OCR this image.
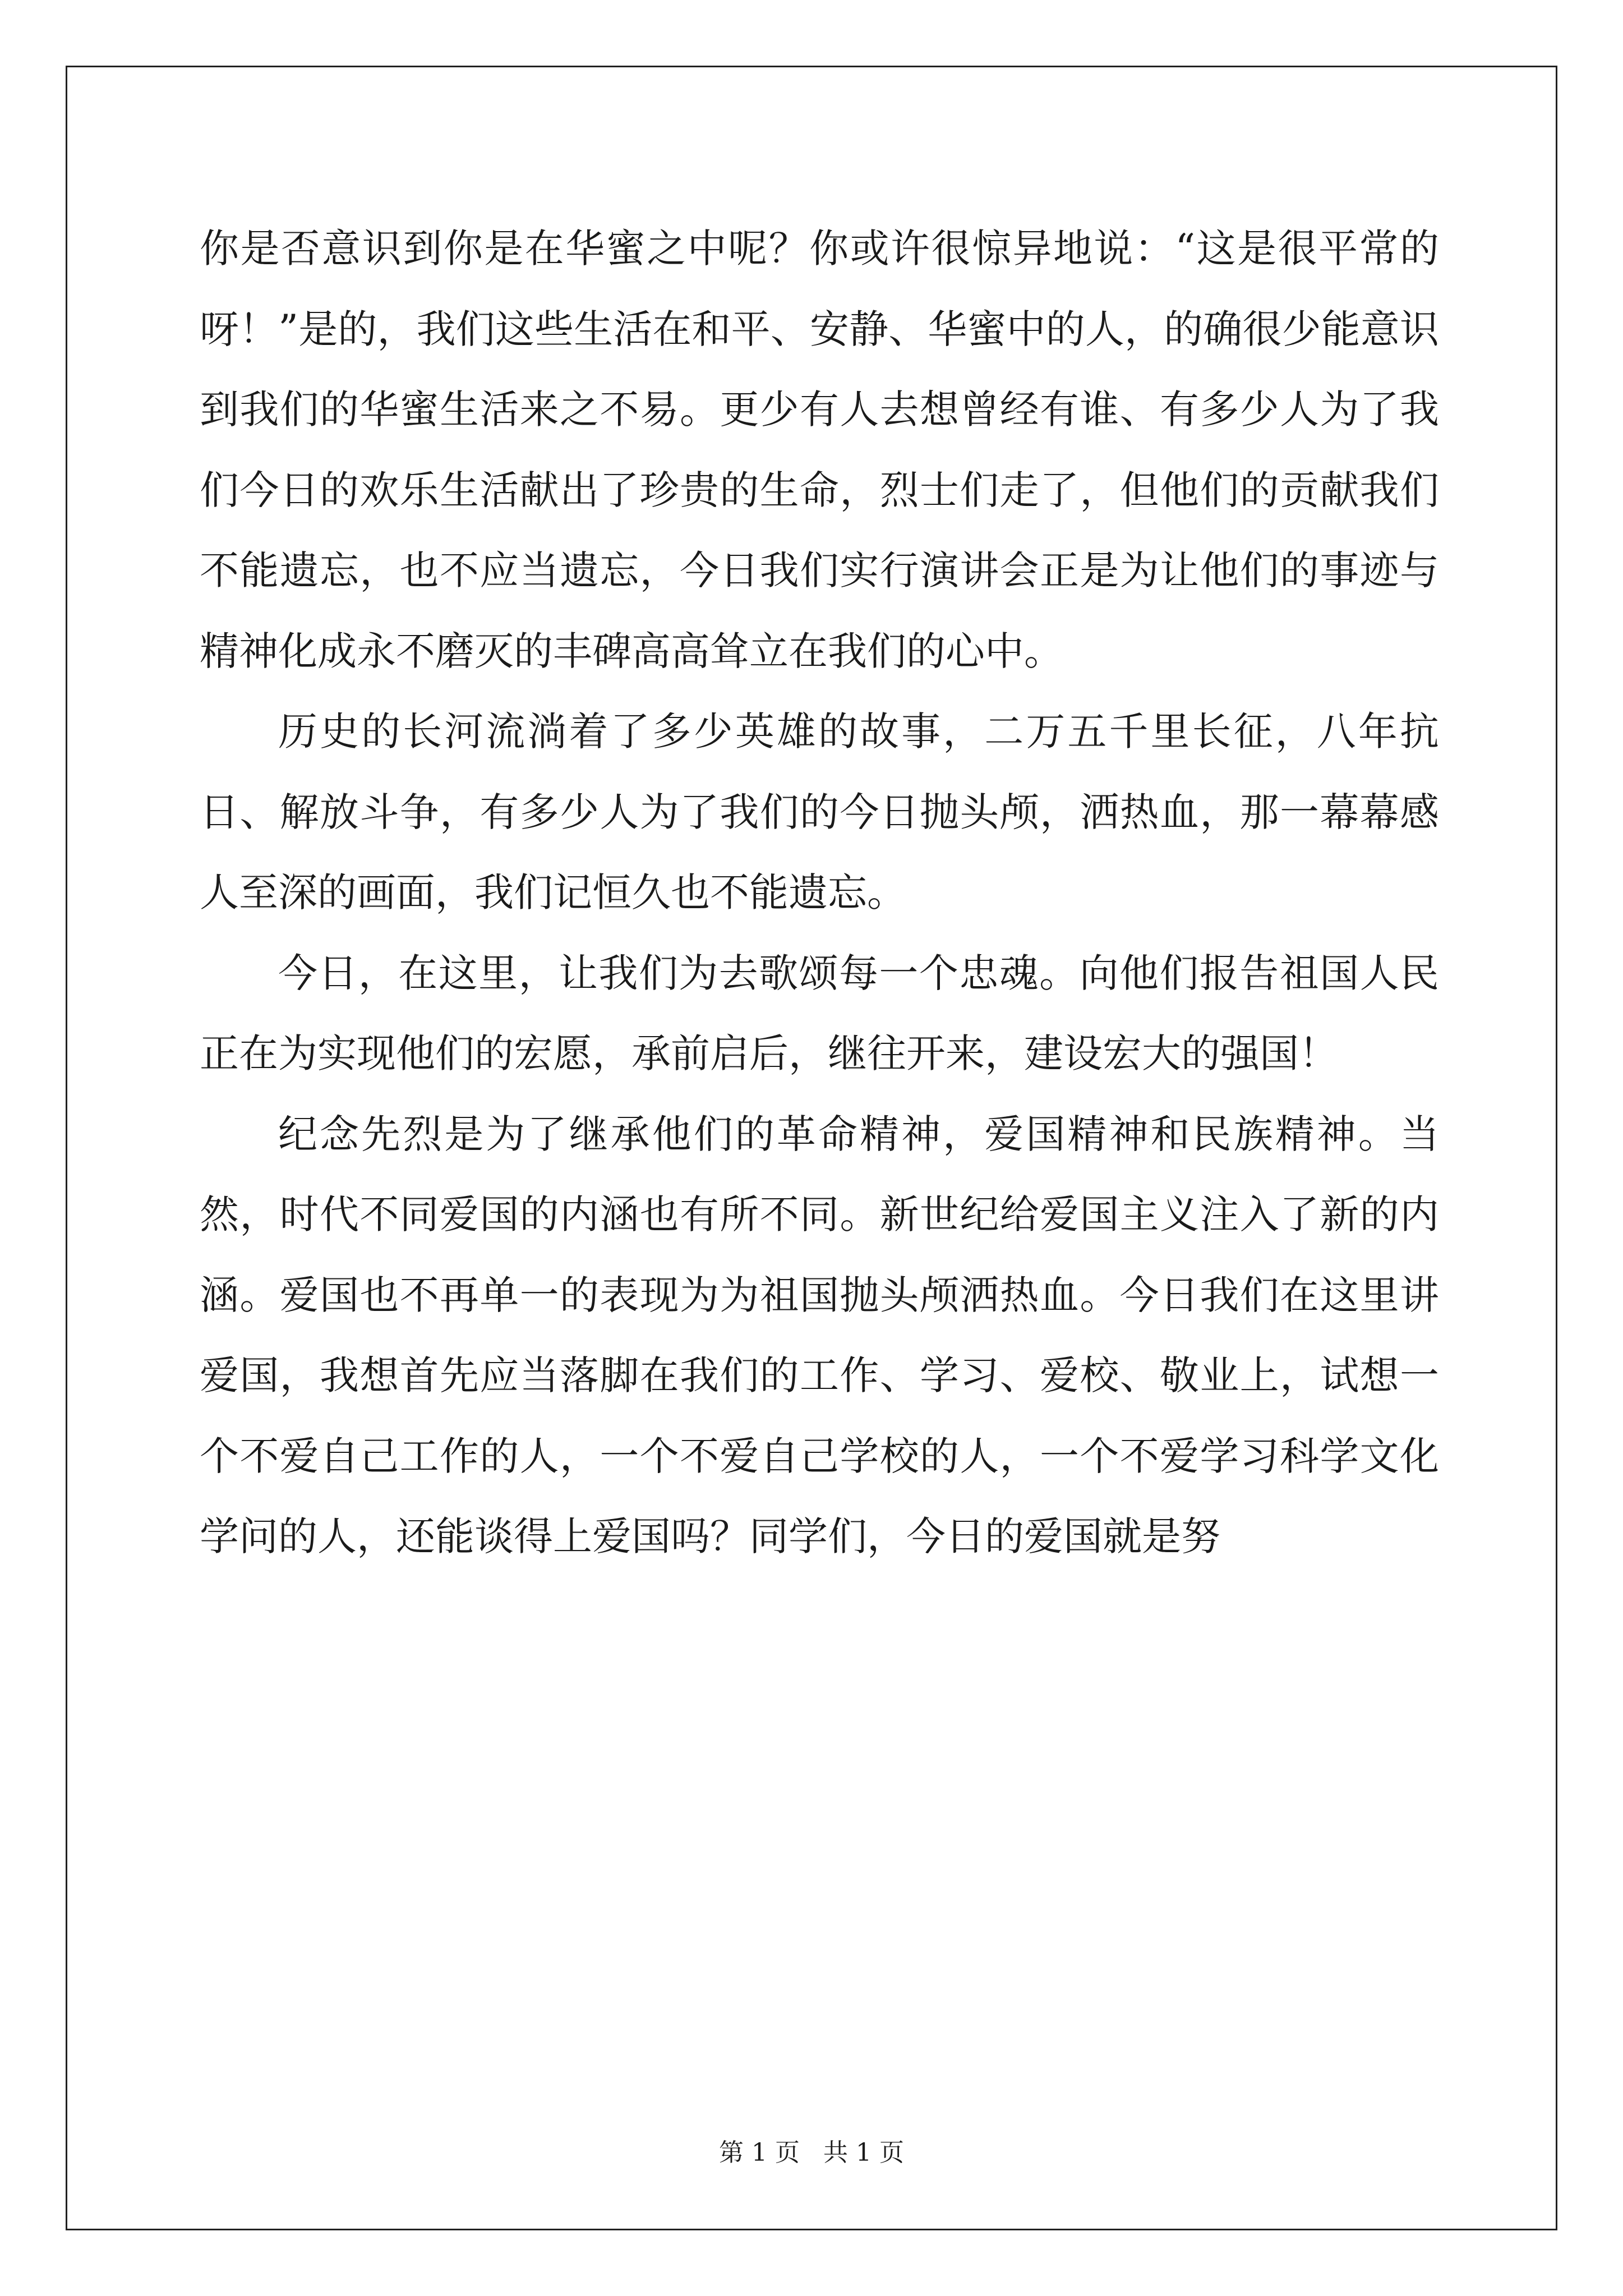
你是否意识到你是在华蜜之中呢？你或许很惊异地说：“这是很平常的呀！”是的，我们这些生活在和平、安静、华蜜中的人，的确很少能意识到我们的华蜜生活来之不易。更少有人去想曾经有谁、有多少人为了我们今日的欢乐生活献出了珍贵的生命，烈士们走了，但他们的贡献我们不能遗忘，也不应当遗忘，今日我们实行演讲会正是为让他们的事迹与精神化成永不磨灭的丰碑高高耸立在我们的心中。

历史的长河流淌着了多少英雄的故事，二万五千里长征，八年抗日、解放斗争，有多少人为了我们的今日抛头颅，洒热血，那一幕幕感人至深的画面，我们记恒久也不能遗忘。

今日，在这里，让我们为去歌颂每一个忠魂。向他们报告祖国人民正在为实现他们的宏愿，承前启后，继往开来，建设宏大的强国！

纪念先烈是为了继承他们的革命精神，爱国精神和民族精神。当然，时代不同爱国的内涵也有所不同。新世纪给爱国主义注入了新的内涵。爱国也不再单一的表现为为祖国抛头颅洒热血。今日我们在这里讲爱国，我想首先应当落脚在我们的工作、学习、爱校、敬业上，试想一个不爱自己工作的人，一个不爱自己学校的人，一个不爱学习科学文化学问的人，还能谈得上爱国吗？同学们，今日的爱国就是努

第 1 页   共 1 页
